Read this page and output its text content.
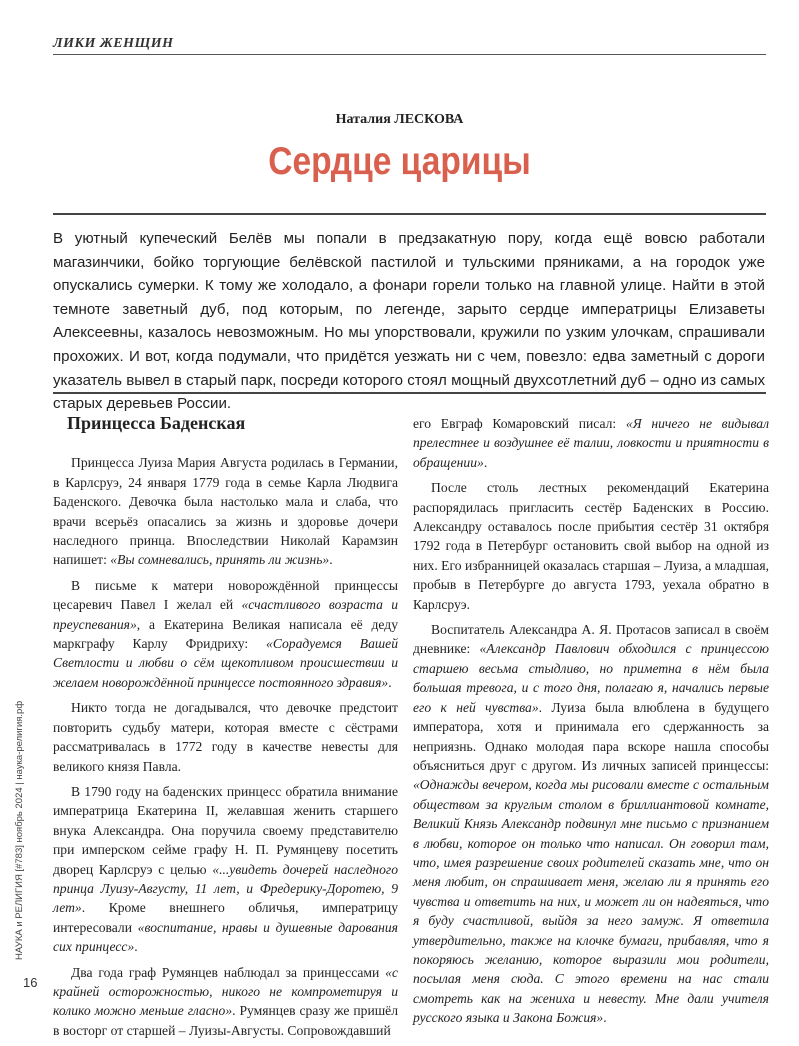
ЛИКИ ЖЕНЩИН
Наталия ЛЕСКОВА
Сердце царицы
В уютный купеческий Белёв мы попали в предзакатную пору, когда ещё вовсю работали магазинчики, бойко торгующие белёвской пастилой и тульскими пряниками, а на городок уже опускались сумерки. К тому же холодало, а фонари горели только на главной улице. Найти в этой темноте заветный дуб, под которым, по легенде, зарыто сердце императрицы Елизаветы Алексеевны, казалось невозможным. Но мы упорствовали, кружили по узким улочкам, спрашивали прохожих. И вот, когда подумали, что придётся уезжать ни с чем, повезло: едва заметный с дороги указатель вывел в старый парк, посреди которого стоял мощный двухсотлетний дуб – одно из самых старых деревьев России.
Принцесса Баденская

Принцесса Луиза Мария Августа родилась в Германии, в Карлсруэ, 24 января 1779 года в семье Карла Людвига Баденского. Девочка была настолько мала и слаба, что врачи всерьёз опасались за жизнь и здоровье дочери наследного принца. Впоследствии Николай Карамзин напишет: «Вы сомневались, принять ли жизнь».

В письме к матери новорождённой принцессы цесаревич Павел I желал ей «счастливого возраста и преуспевания», а Екатерина Великая написала её деду маркграфу Карлу Фридриху: «Сорадуемся Вашей Светлости и любви о сём щекотливом происшествии и желаем новорождённой принцессе постоянного здравия».

Никто тогда не догадывался, что девочке предстоит повторить судьбу матери, которая вместе с сёстрами рассматривалась в 1772 году в качестве невесты для великого князя Павла.

В 1790 году на баденских принцесс обратила внимание императрица Екатерина II, желавшая женить старшего внука Александра. Она поручила своему представителю при имперском сейме графу Н. П. Румянцеву посетить дворец Карлсруэ с целью «...увидеть дочерей наследного принца Луизу-Августу, 11 лет, и Фредерику-Доротею, 9 лет». Кроме внешнего обличья, императрицу интересовали «воспитание, нравы и душевные дарования сих принцесс».

Два года граф Румянцев наблюдал за принцессами «с крайней осторожностью, никого не компрометируя и колико можно меньше гласно». Румянцев сразу же пришёл в восторг от старшей – Луизы-Августы. Сопровождавший

его Евграф Комаровский писал: «Я ничего не видывал прелестнее и воздушнее её талии, ловкости и приятности в обращении».

После столь лестных рекомендаций Екатерина распорядилась пригласить сестёр Баденских в Россию. Александру оставалось после прибытия сестёр 31 октября 1792 года в Петербург остановить свой выбор на одной из них. Его избранницей оказалась старшая – Луиза, а младшая, пробыв в Петербурге до августа 1793, уехала обратно в Карлсруэ.

Воспитатель Александра А. Я. Протасов записал в своём дневнике: «Александр Павлович обходился с принцессою старшею весьма стыдливо, но приметна в нём была большая тревога, и с того дня, полагаю я, начались первые его к ней чувства». Луиза была влюблена в будущего императора, хотя и принимала его сдержанность за неприязнь. Однако молодая пара вскоре нашла способы объясниться друг с другом. Из личных записей принцессы: «Однажды вечером, когда мы рисовали вместе с остальным обществом за круглым столом в бриллиантовой комнате, Великий Князь Александр подвинул мне письмо с признанием в любви, которое он только что написал. Он говорил там, что, имея разрешение своих родителей сказать мне, что он меня любит, он спрашивает меня, желаю ли я принять его чувства и ответить на них, и может ли он надеяться, что я буду счастливой, выйдя за него замуж. Я ответила утвердительно, также на клочке бумаги, прибавляя, что я покоряюсь желанию, которое выразили мои родители, посылая меня сюда. С этого времени на нас стали смотреть как на жениха и невесту. Мне дали учителя русского языка и Закона Божия».

НАУКА и РЕЛИГИЯ [#783] ноябрь 2024 | наука-религия.рф
16
